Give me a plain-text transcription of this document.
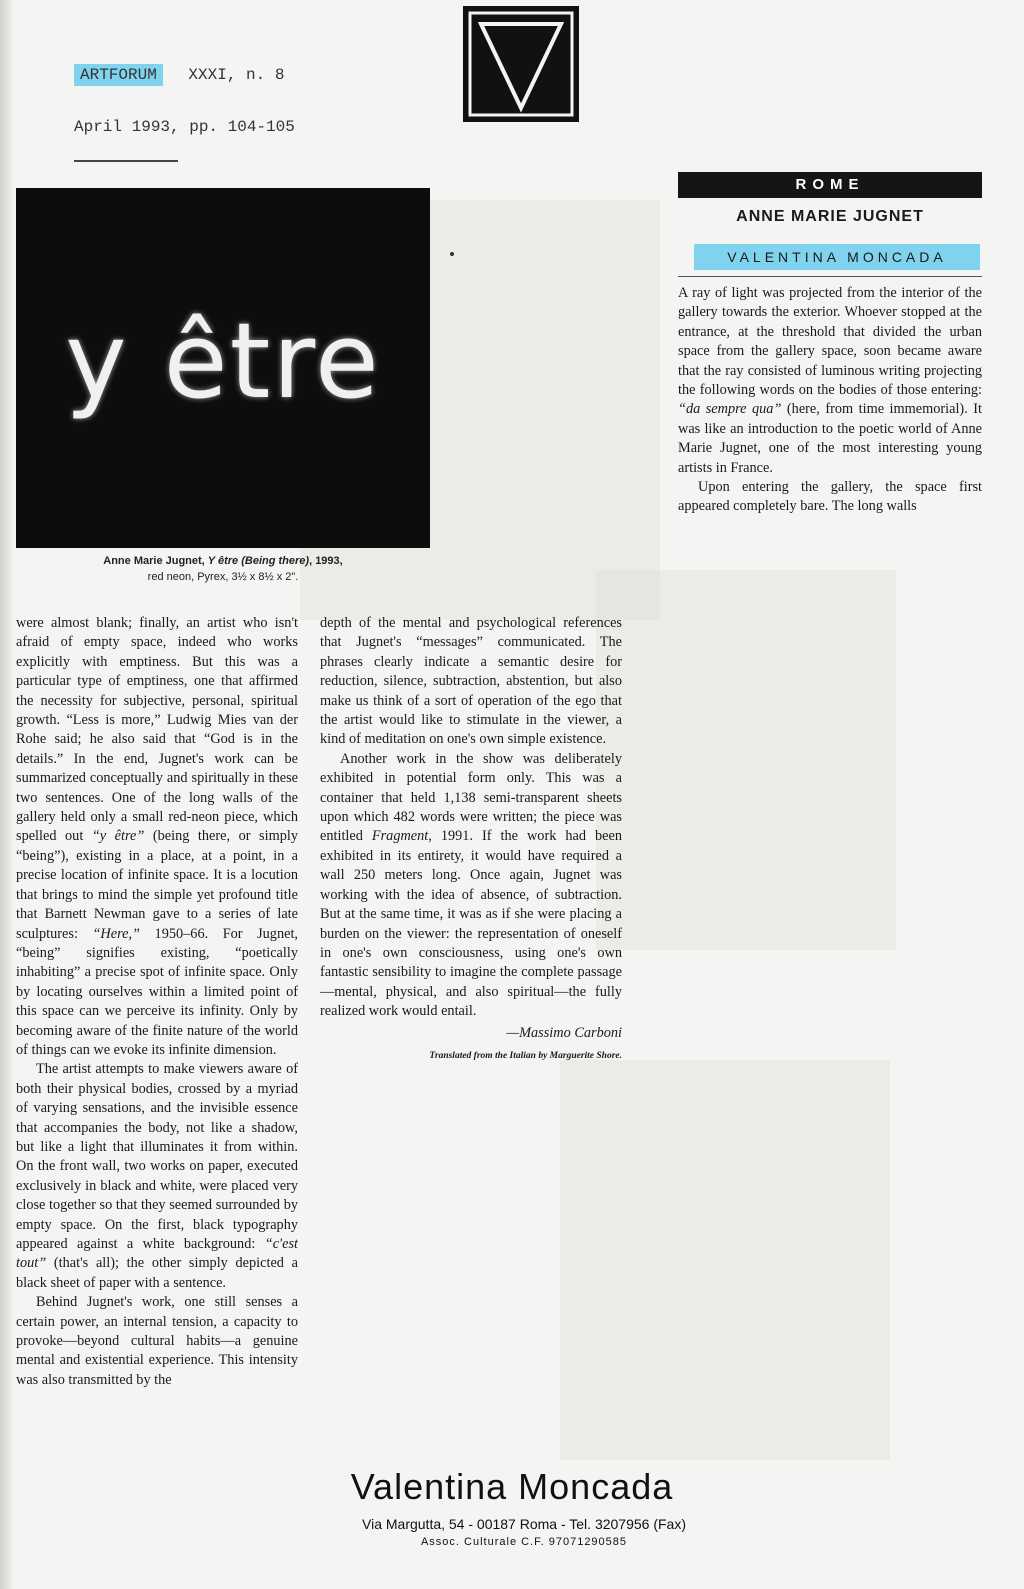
ARTFORUM XXXI, n. 8
April 1993, pp. 104-105
y être
Anne Marie Jugnet, Y être (Being there), 1993,
red neon, Pyrex, 3½ x 8½ x 2".
ROME
ANNE MARIE JUGNET
VALENTINA MONCADA

A ray of light was projected from the interior of the gallery towards the exterior. Whoever stopped at the entrance, at the threshold that divided the urban space from the gallery space, soon became aware that the ray consisted of luminous writing projecting the following words on the bodies of those entering: “da sempre qua” (here, from time immemorial). It was like an introduction to the poetic world of Anne Marie Jugnet, one of the most interesting young artists in France.

Upon entering the gallery, the space first appeared completely bare. The long walls

were almost blank; finally, an artist who isn't afraid of empty space, indeed who works explicitly with emptiness. But this was a particular type of emptiness, one that affirmed the necessity for subjective, personal, spiritual growth. “Less is more,” Ludwig Mies van der Rohe said; he also said that “God is in the details.” In the end, Jugnet's work can be summarized conceptually and spiritually in these two sentences. One of the long walls of the gallery held only a small red-neon piece, which spelled out “y être” (being there, or simply “being”), existing in a place, at a point, in a precise location of infinite space. It is a locution that brings to mind the simple yet profound title that Barnett Newman gave to a series of late sculptures: “Here,” 1950–66. For Jugnet, “being” signifies existing, “poetically inhabiting” a precise spot of infinite space. Only by locating ourselves within a limited point of this space can we perceive its infinity. Only by becoming aware of the finite nature of the world of things can we evoke its infinite dimension.

The artist attempts to make viewers aware of both their physical bodies, crossed by a myriad of varying sensations, and the invisible essence that accompanies the body, not like a shadow, but like a light that illuminates it from within. On the front wall, two works on paper, executed exclusively in black and white, were placed very close together so that they seemed surrounded by empty space. On the first, black typography appeared against a white background: “c'est tout” (that's all); the other simply depicted a black sheet of paper with a sentence.

Behind Jugnet's work, one still senses a certain power, an internal tension, a capacity to provoke—beyond cultural habits—a genuine mental and existential experience. This intensity was also transmitted by the

depth of the mental and psychological references that Jugnet's “messages” communicated. The phrases clearly indicate a semantic desire for reduction, silence, subtraction, abstention, but also make us think of a sort of operation of the ego that the artist would like to stimulate in the viewer, a kind of meditation on one's own simple existence.

Another work in the show was deliberately exhibited in potential form only. This was a container that held 1,138 semi-transparent sheets upon which 482 words were written; the piece was entitled Fragment, 1991. If the work had been exhibited in its entirety, it would have required a wall 250 meters long. Once again, Jugnet was working with the idea of absence, of subtraction. But at the same time, it was as if she were placing a burden on the viewer: the representation of oneself in one's own consciousness, using one's own fantastic sensibility to imagine the complete passage—mental, physical, and also spiritual—the fully realized work would entail.

—Massimo Carboni

Translated from the Italian by Marguerite Shore.

Valentina Moncada
Via Margutta, 54 - 00187 Roma - Tel. 3207956 (Fax)
Assoc. Culturale C.F. 97071290585
